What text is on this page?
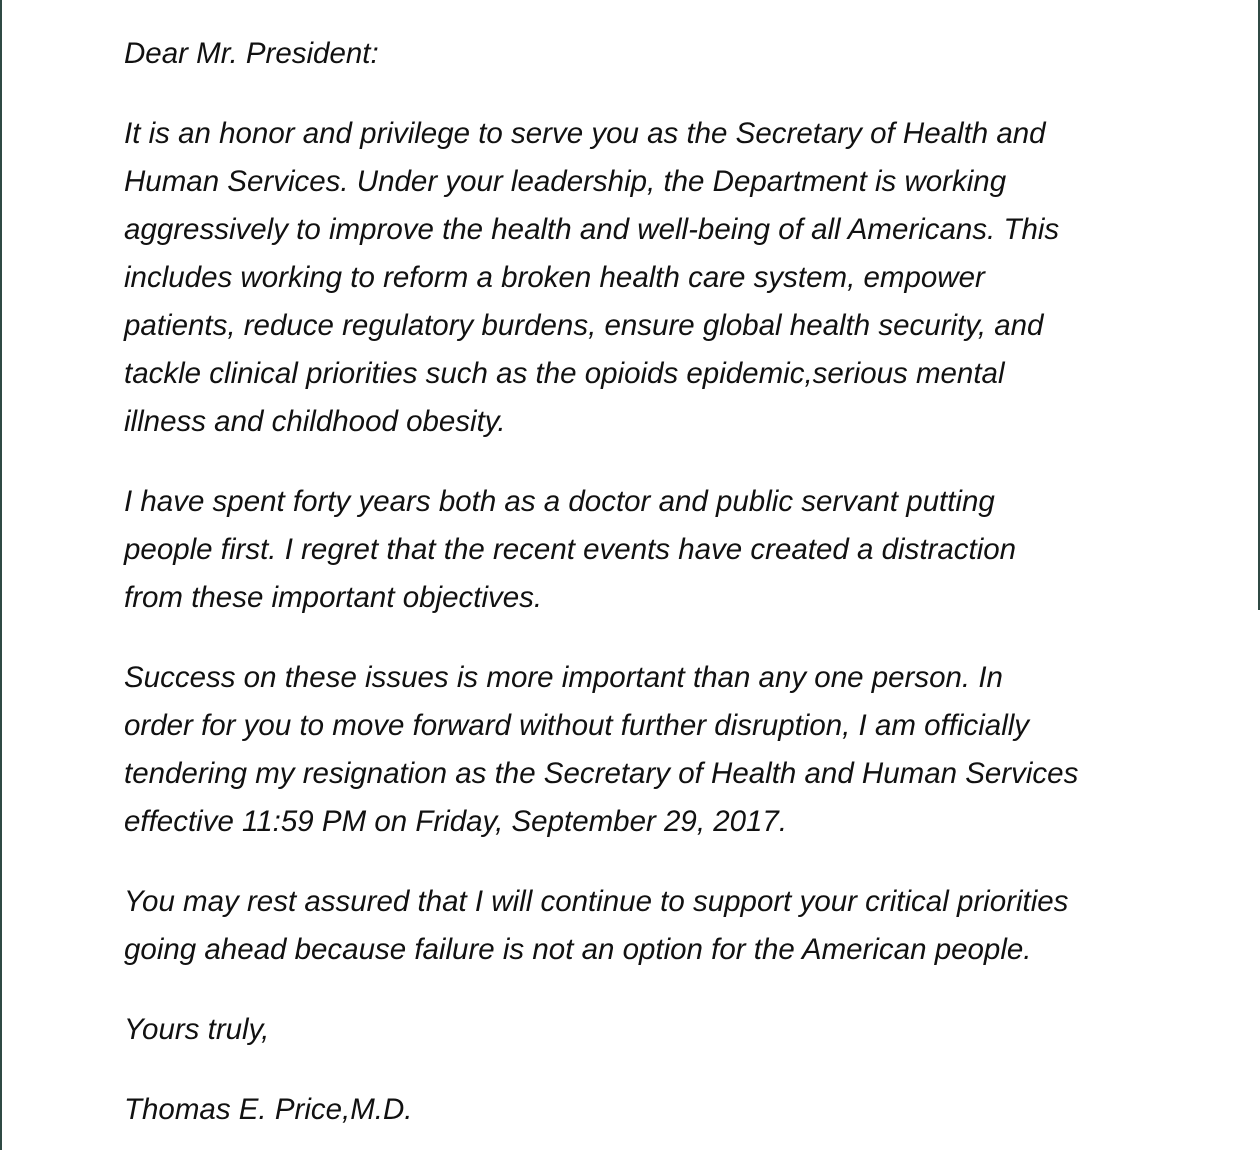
Dear Mr. President:

It is an honor and privilege to serve you as the Secretary of Health and
Human Services. Under your leadership, the Department is working
aggressively to improve the health and well-being of all Americans. This
includes working to reform a broken health care system, empower
patients, reduce regulatory burdens, ensure global health security, and
tackle clinical priorities such as the opioids epidemic,serious mental
illness and childhood obesity.

I have spent forty years both as a doctor and public servant putting
people first. I regret that the recent events have created a distraction
from these important objectives.

Success on these issues is more important than any one person. In
order for you to move forward without further disruption, I am officially
tendering my resignation as the Secretary of Health and Human Services
effective 11:59 PM on Friday, September 29, 2017.

You may rest assured that I will continue to support your critical priorities
going ahead because failure is not an option for the American people.

Yours truly,

Thomas E. Price,M.D.
